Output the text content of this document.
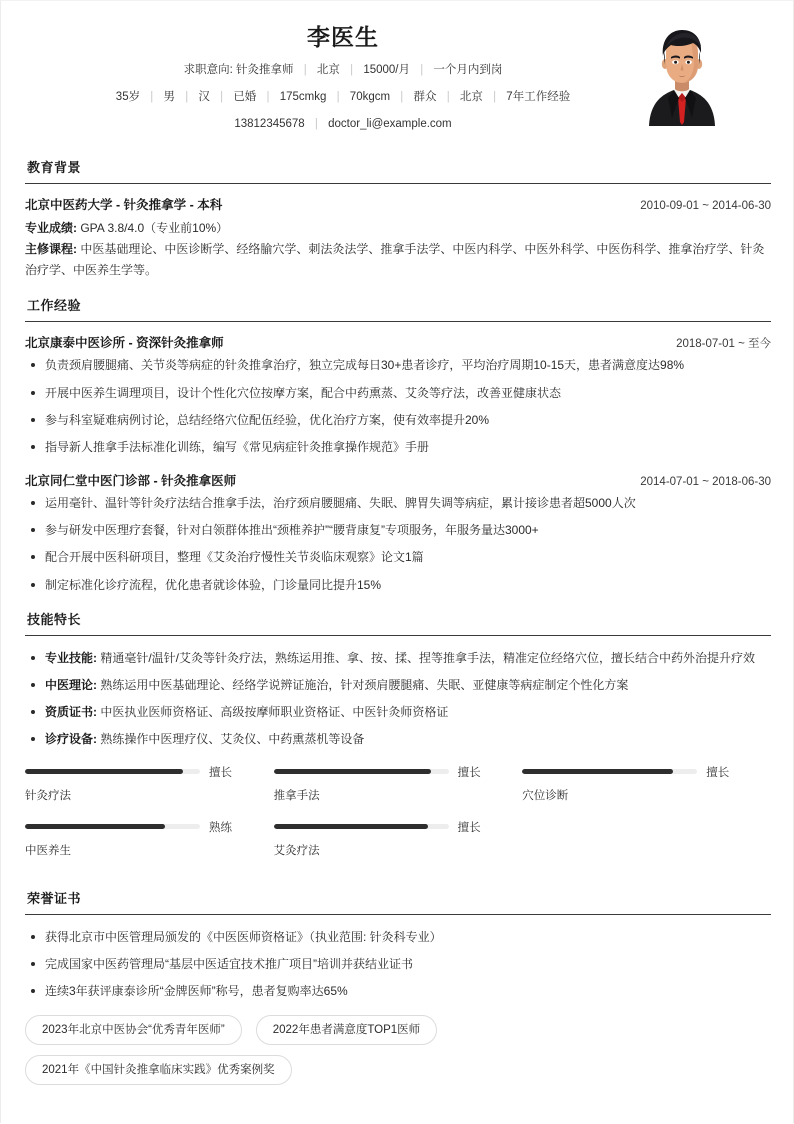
李医生
求职意向: 针灸推拿师 | 北京 | 15000/月 | 一个月内到岗
35岁 | 男 | 汉 | 已婚 | 175cmkg | 70kgcm | 群众 | 北京 | 7年工作经验
13812345678 | doctor_li@example.com
教育背景
北京中医药大学 - 针灸推拿学 - 本科	2010-09-01 ~ 2014-06-30
专业成绩: GPA 3.8/4.0（专业前10%）
主修课程: 中医基础理论、中医诊断学、经络腧穴学、刺法灸法学、推拿手法学、中医内科学、中医外科学、中医伤科学、推拿治疗学、针灸治疗学、中医养生学等。
工作经验
北京康泰中医诊所 - 资深针灸推拿师	2018-07-01 ~ 至今
负责颈肩腰腿痛、关节炎等病症的针灸推拿治疗，独立完成每日30+患者诊疗，平均治疗周期10-15天，患者满意度达98%
开展中医养生调理项目，设计个性化穴位按摩方案，配合中药熏蒸、艾灸等疗法，改善亚健康状态
参与科室疑难病例讨论，总结经络穴位配伍经验，优化治疗方案，使有效率提升20%
指导新人推拿手法标准化训练，编写《常见病症针灸推拿操作规范》手册
北京同仁堂中医门诊部 - 针灸推拿医师	2014-07-01 ~ 2018-06-30
运用毫针、温针等针灸疗法结合推拿手法，治疗颈肩腰腿痛、失眠、脾胃失调等病症，累计接诊患者超5000人次
参与研发中医理疗套餐，针对白领群体推出“颈椎养护”“腰背康复”专项服务，年服务量达3000+
配合开展中医科研项目，整理《艾灸治疗慢性关节炎临床观察》论文1篇
制定标准化诊疗流程，优化患者就诊体验，门诊量同比提升15%
技能特长
专业技能: 精通毫针/温针/艾灸等针灸疗法，熟练运用推、拿、按、揉、捏等推拿手法，精准定位经络穴位，擅长结合中药外治提升疗效
中医理论: 熟练运用中医基础理论、经络学说辨证施治，针对颈肩腰腿痛、失眠、亚健康等病症制定个性化方案
资质证书: 中医执业医师资格证、高级按摩师职业资格证、中医针灸师资格证
诊疗设备: 熟练操作中医理疗仪、艾灸仪、中药熏蒸机等设备
擅长
针灸疗法
擅长
推拿手法
擅长
穴位诊断
熟练
中医养生
擅长
艾灸疗法
荣誉证书
获得北京市中医管理局颁发的《中医医师资格证》（执业范围: 针灸科专业）
完成国家中医药管理局“基层中医适宜技术推广项目”培训并获结业证书
连续3年获评康泰诊所“金牌医师”称号，患者复购率达65%
2023年北京中医协会“优秀青年医师”	2022年患者满意度TOP1医师
2021年《中国针灸推拿临床实践》优秀案例奖
